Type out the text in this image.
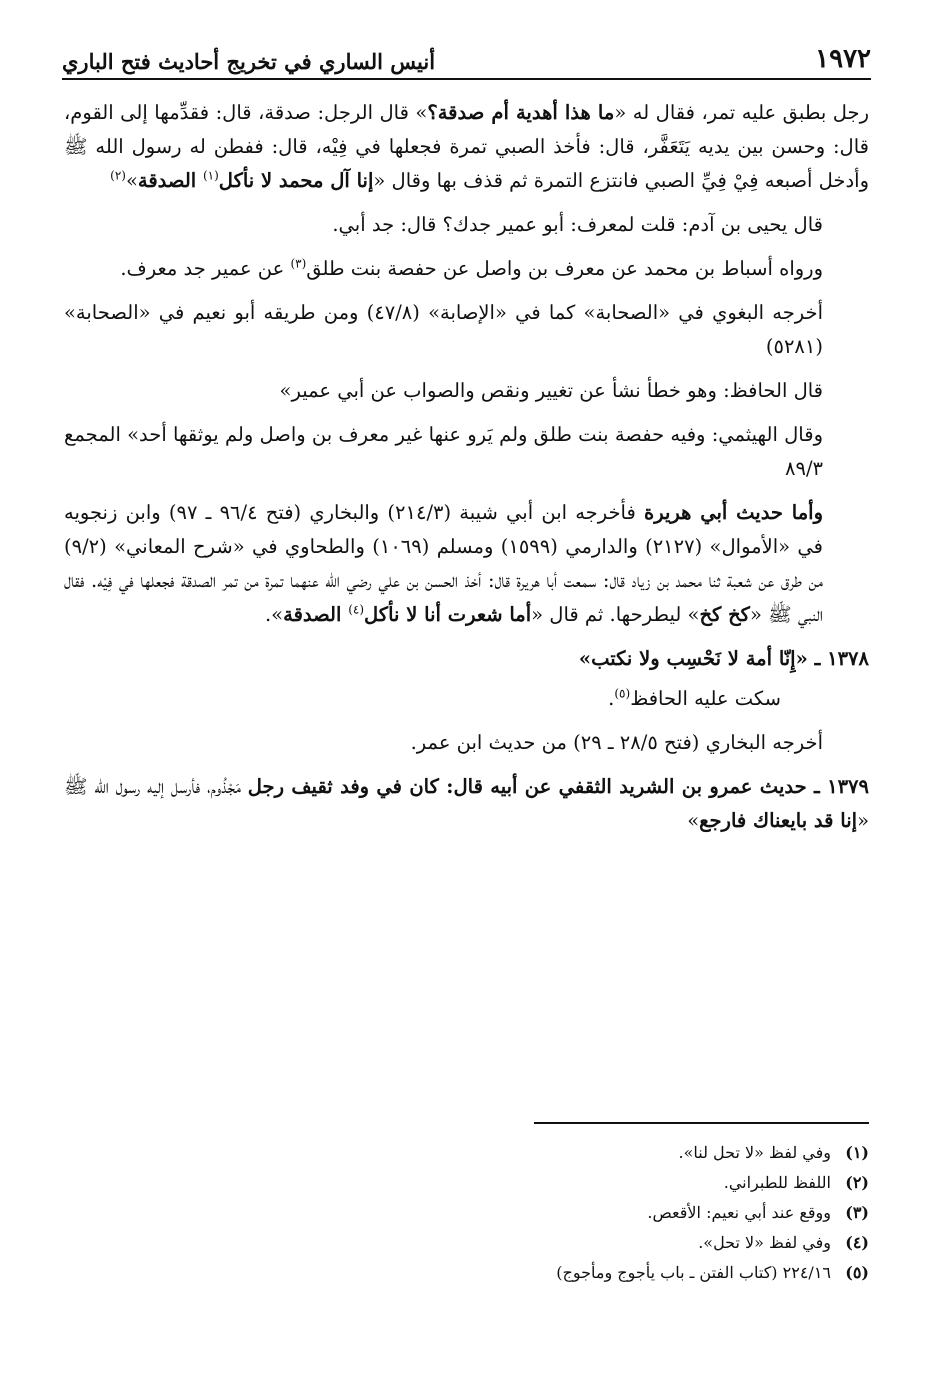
١٩٧٢
أنيس الساري في تخريج أحاديث فتح الباري

رجل بطبق عليه تمر، فقال له «ما هذا أهدية أم صدقة؟» قال الرجل: صدقة، قال: فقدِّمها إلى القوم، قال: وحسن بين يديه يَتَعَفَّر، قال: فأخذ الصبي تمرة فجعلها في فِيْه، قال: ففطن له رسول الله ﷺ وأدخل أصبعه فِيْ فِيِّ الصبي فانتزع التمرة ثم قذف بها وقال «إنا آل محمد لا نأكل$^{(١)}$ الصدقة»$^{(٢)}$

قال يحيى بن آدم: قلت لمعرف: أبو عمير جدك؟ قال: جد أبي.

ورواه أسباط بن محمد عن معرف بن واصل عن حفصة بنت طلق$^{(٣)}$ عن عمير جد معرف.

أخرجه البغوي في «الصحابة» كما في «الإصابة» (٤٧/٨) ومن طريقه أبو نعيم في «الصحابة» (٥٢٨١)

قال الحافظ: وهو خطأ نشأ عن تغيير ونقص والصواب عن أبي عمير»

وقال الهيثمي: وفيه حفصة بنت طلق ولم يَرو عنها غير معرف بن واصل ولم يوثقها أحد» المجمع ٨٩/٣

وأما حديث أبي هريرة فأخرجه ابن أبي شيبة (٢١٤/٣) والبخاري (فتح ٩٦/٤ ـ ٩٧) وابن زنجويه في «الأموال» (٢١٢٧) والدارمي (١٥٩٩) ومسلم (١٠٦٩) والطحاوي في «شرح المعاني» (٩/٢) من طرق عن شعبة ثنا محمد بن زياد قال: سمعت أبا هريرة قال: أخذ الحسن بن علي رضي الله عنهما تمرة من تمر الصدقة فجعلها في فِيْه. فقال النبي ﷺ «كخ كخ» ليطرحها. ثم قال «أما شعرت أنا لا نأكل$^{(٤)}$ الصدقة».

١٣٧٨ ـ «إِنّا أمة لا نَحْسِب ولا نكتب»

سكت عليه الحافظ$^{(٥)}$.

أخرجه البخاري (فتح ٢٨/٥ ـ ٢٩) من حديث ابن عمر.

١٣٧٩ ـ حديث عمرو بن الشريد الثقفي عن أبيه قال: كان في وفد ثقيف رجل مَجْذُوم، فأرسل إليه رسول الله ﷺ «إنا قد بايعناك فارجع»

(١)
وفي لفظ «لا تحل لنا».

(٢)
اللفظ للطبراني.

(٣)
ووقع عند أبي نعيم: الأقعص.

(٤)
وفي لفظ «لا تحل».

(٥)
٢٢٤/١٦ (كتاب الفتن ـ باب يأجوج ومأجوج)
